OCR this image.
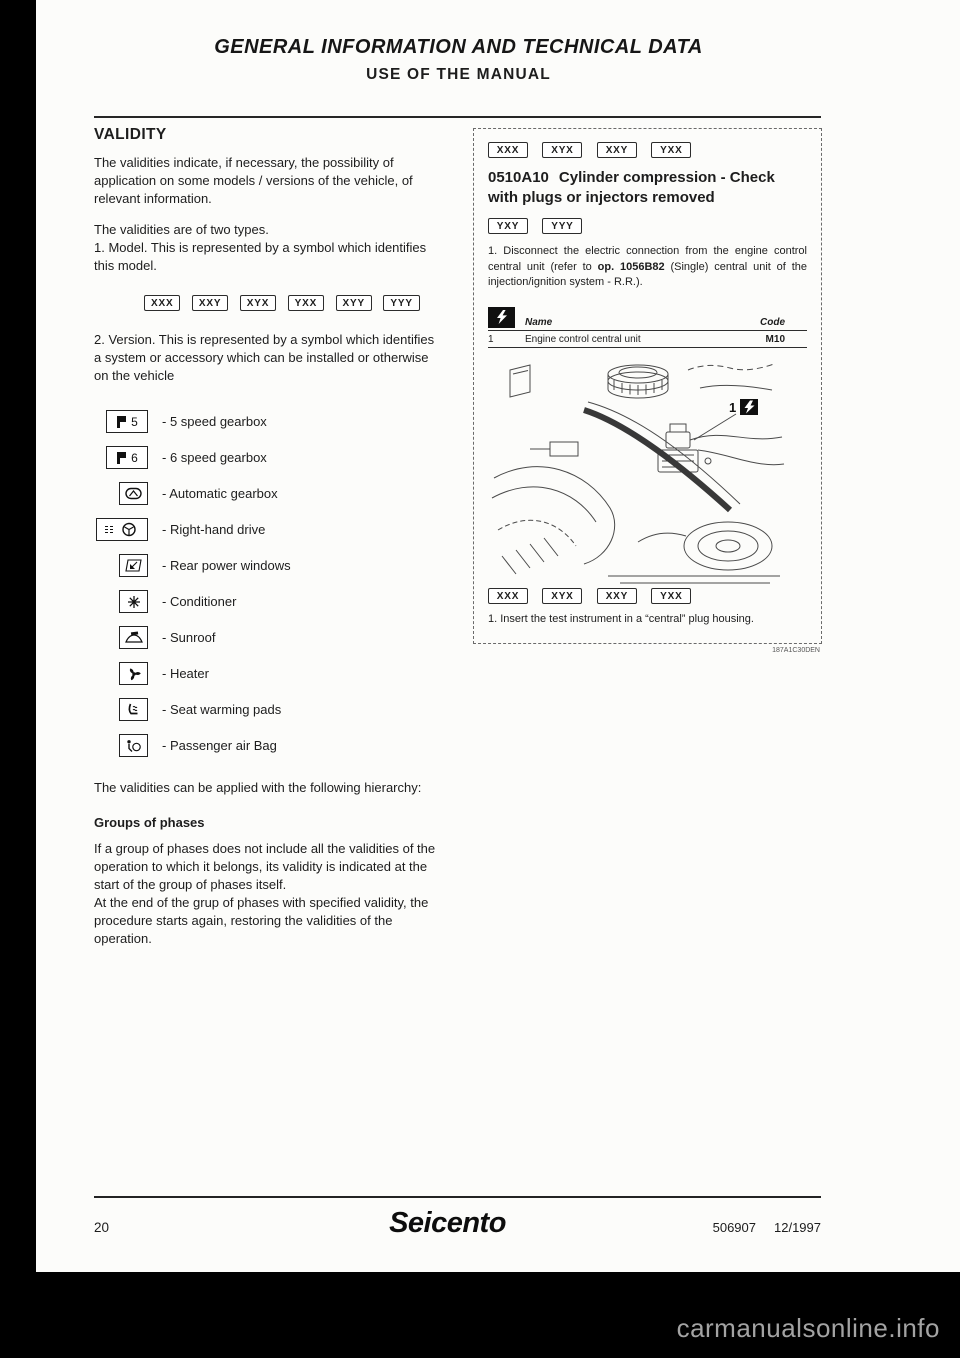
GENERAL INFORMATION AND TECHNICAL DATA
USE OF THE MANUAL
VALIDITY

The validities indicate, if necessary, the possibility of application on some models / versions of the vehicle, of relevant information.

The validities are of two types.

1. Model. This is represented by a symbol which identifies this model.

XXX	XXY	XYX	YXX	XYY	YYY

2. Version. This is represented by a symbol which identifies a system or accessory which can be installed or otherwise on the vehicle

5 - 5 speed gearbox
6 - 6 speed gearbox
- Automatic gearbox
- Right-hand drive
- Rear power windows
- Conditioner
- Sunroof
- Heater
- Seat warming pads
- Passenger air Bag

The validities can be applied with the following hierarchy:

Groups of phases

If a group of phases does not include all the validities of the operation to which it belongs, its validity is indicated at the start of the group of phases itself.

At the end of the grup of phases with specified validity, the procedure starts again, restoring the validities of the operation.

XXX	XYX	XXY	YXX
0510A10 Cylinder compression - Check with plugs or injectors removed
YXY	YYY

1. Disconnect the electric connection from the engine control central unit (refer to op. 1056B82 (Single) central unit of the injection/ignition system - R.R.).

Name	Code
1	Engine control central unit	M10
1
XXX	XYX	XXY	YXX

1. Insert the test instrument in a “central” plug housing.

187A1C30DEN
20	Seicento	506907 12/1997
carmanualsonline.info
